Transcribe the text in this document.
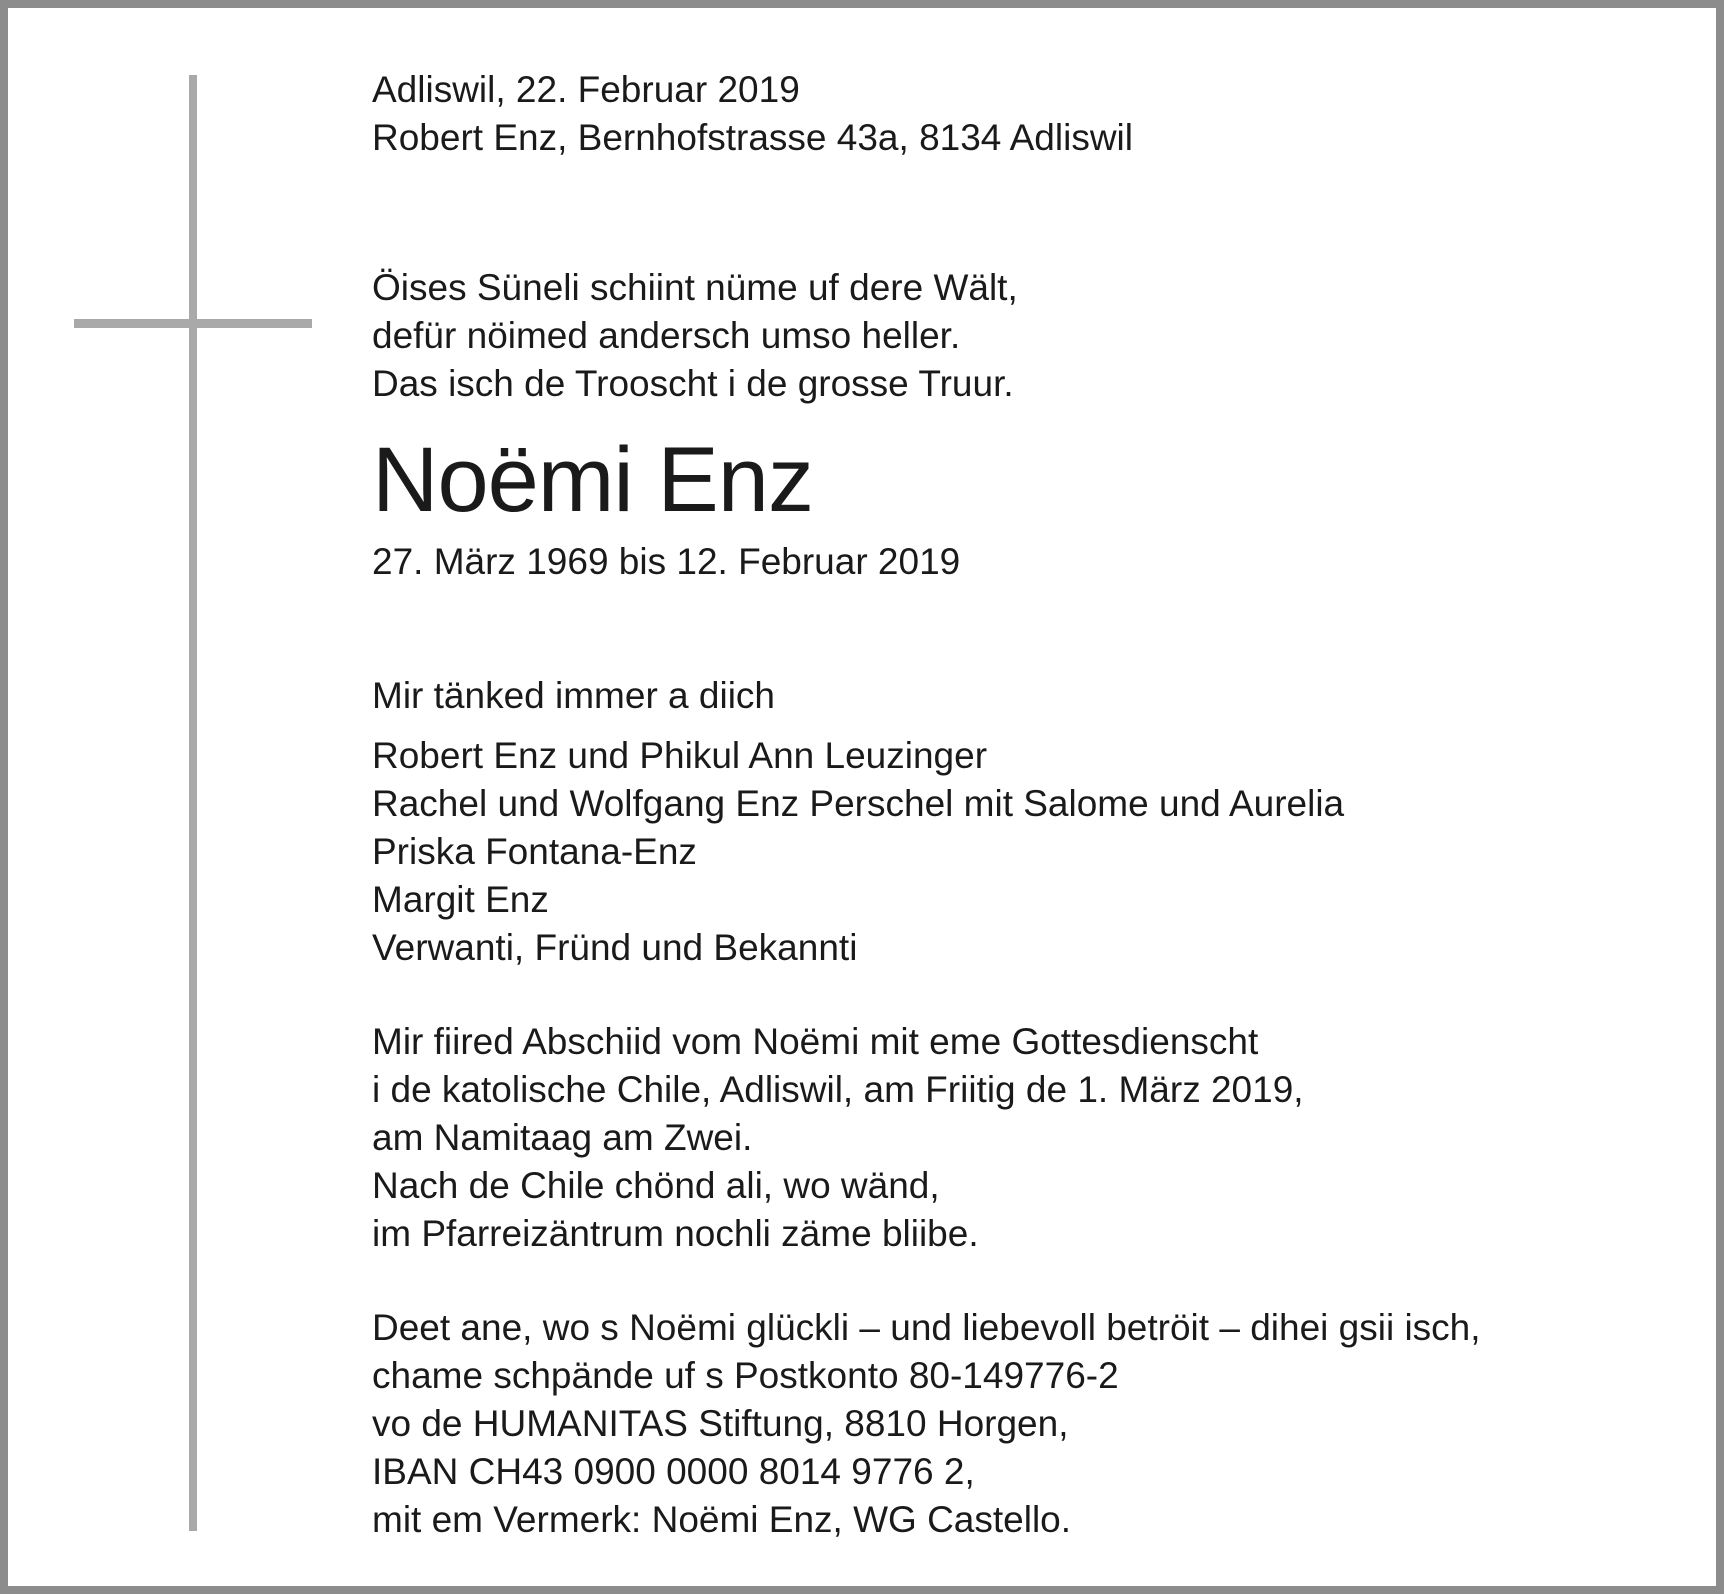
Adliswil, 22. Februar 2019
Robert Enz, Bernhofstrasse 43a, 8134 Adliswil
Öises Süneli schiint nüme uf dere Wält,
defür nöimed andersch umso heller.
Das isch de Trooscht i de grosse Truur.
Noëmi Enz
27. März 1969 bis 12. Februar 2019
Mir tänked immer a diich
Robert Enz und Phikul Ann Leuzinger
Rachel und Wolfgang Enz Perschel mit Salome und Aurelia
Priska Fontana-Enz
Margit Enz
Verwanti, Fründ und Bekannti
Mir fiired Abschiid vom Noëmi mit eme Gottesdienscht
i de katolische Chile, Adliswil, am Friitig de 1. März 2019,
am Namitaag am Zwei.
Nach de Chile chönd ali, wo wänd,
im Pfarreizäntrum nochli zäme bliibe.
Deet ane, wo s Noëmi glückli – und liebevoll betröit – dihei gsii isch,
chame schpände uf s Postkonto 80-149776-2
vo de HUMANITAS Stiftung, 8810 Horgen,
IBAN CH43 0900 0000 8014 9776 2,
mit em Vermerk: Noëmi Enz, WG Castello.
